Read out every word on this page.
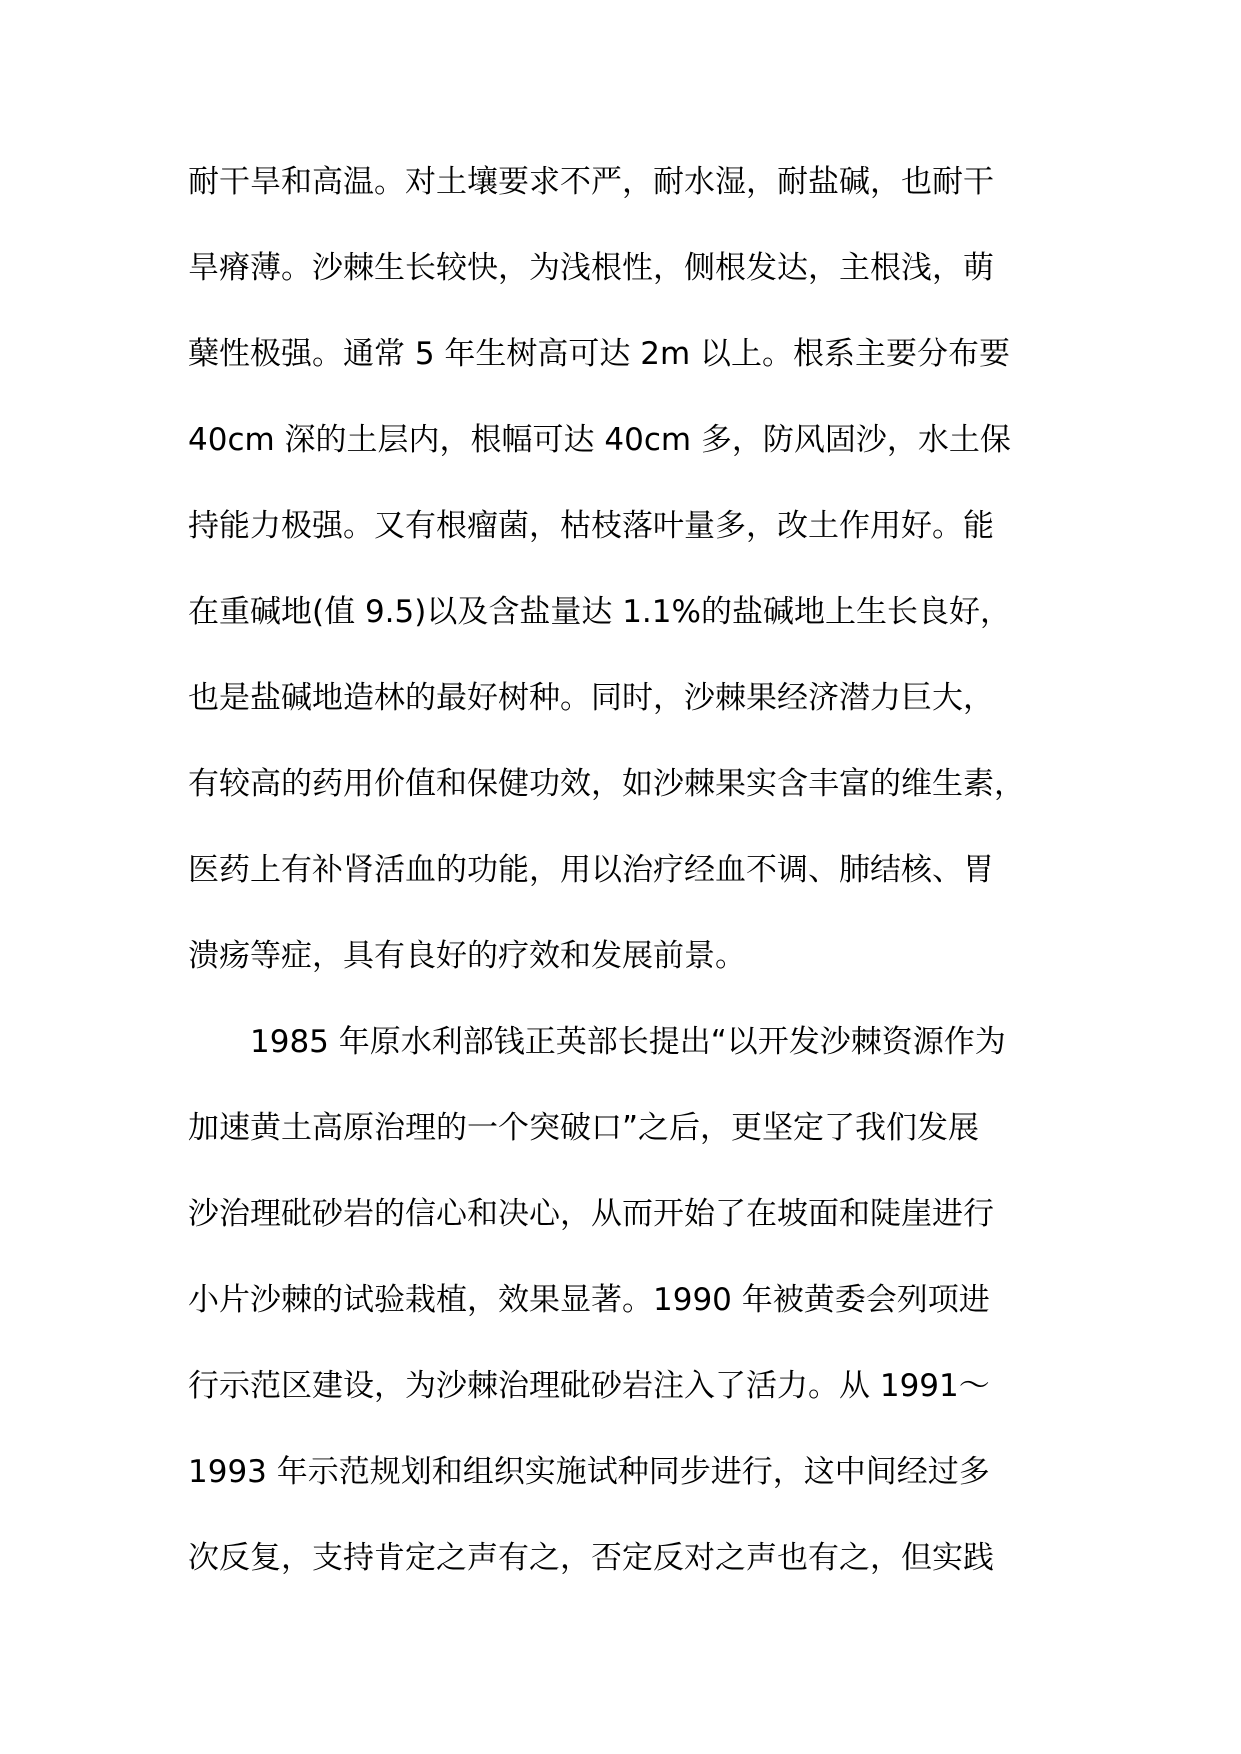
耐干旱和高温。对土壤要求不严，耐水湿，耐盐碱，也耐干
旱瘠薄。沙棘生长较快，为浅根性，侧根发达，主根浅，萌
蘖性极强。通常 5 年生树高可达 2m 以上。根系主要分布要
40cm 深的土层内，根幅可达 40cm 多，防风固沙，水土保
持能力极强。又有根瘤菌，枯枝落叶量多，改土作用好。能
在重碱地(值 9.5)以及含盐量达 1.1%的盐碱地上生长良好，
也是盐碱地造林的最好树种。同时，沙棘果经济潜力巨大，
有较高的药用价值和保健功效，如沙棘果实含丰富的维生素，
医药上有补肾活血的功能，用以治疗经血不调、肺结核、胃
溃疡等症，具有良好的疗效和发展前景。
1985 年原水利部钱正英部长提出“以开发沙棘资源作为
加速黄土高原治理的一个突破口”之后，更坚定了我们发展
沙治理砒砂岩的信心和决心，从而开始了在坡面和陡崖进行
小片沙棘的试验栽植，效果显著。1990 年被黄委会列项进
行示范区建设，为沙棘治理砒砂岩注入了活力。从 1991～
1993 年示范规划和组织实施试种同步进行，这中间经过多
次反复，支持肯定之声有之，否定反对之声也有之，但实践
